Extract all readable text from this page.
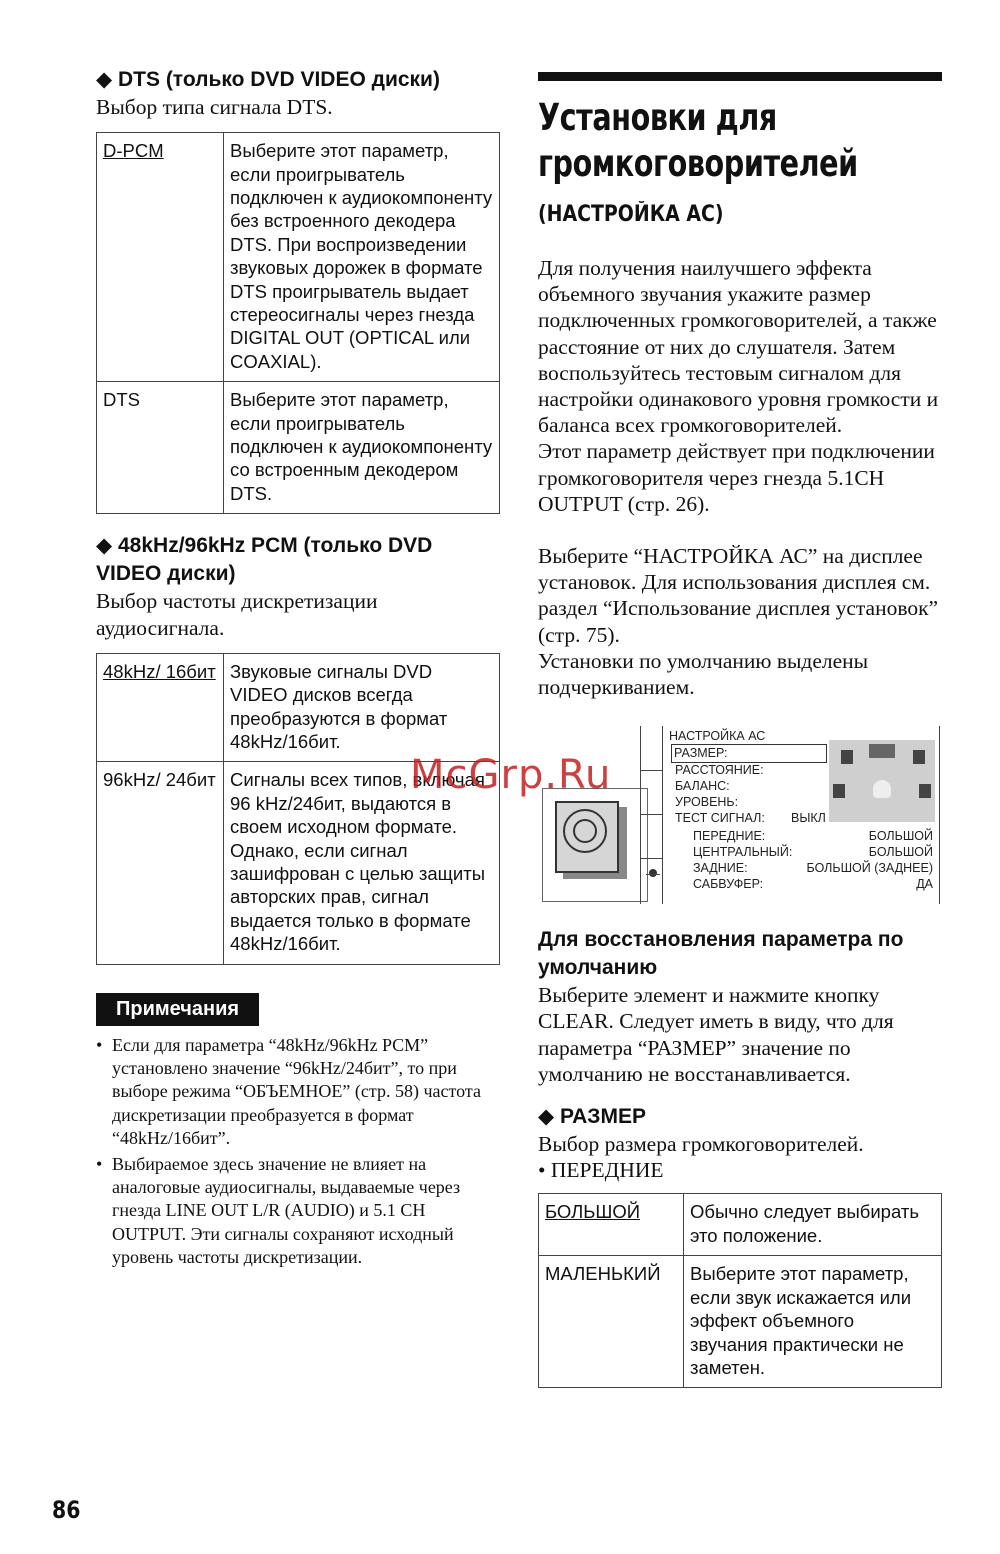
◆ DTS (только DVD VIDEO диски)
Выбор типа сигнала DTS.
D-PCM	Выберите этот параметр, если проигрыватель подключен к аудиокомпоненту без встроенного декодера DTS. При воспроизведении звуковых дорожек в формате DTS проигрыватель выдает стереосигналы через гнезда DIGITAL OUT (OPTICAL или COAXIAL).
DTS	Выберите этот параметр, если проигрыватель подключен к аудиокомпоненту со встроенным декодером DTS.
◆ 48kHz/96kHz PCM (только DVD VIDEO диски)
Выбор частоты дискретизации аудиосигнала.
48kHz/ 16бит	Звуковые сигналы DVD VIDEO дисков всегда преобразуются в формат 48kHz/16бит.
96kHz/ 24бит	Сигналы всех типов, включая 96 kHz/24бит, выдаются в своем исходном формате. Однако, если сигнал зашифрован с целью защиты авторских прав, сигнал выдается только в формате 48kHz/16бит.
Примечания
• Если для параметра “48kHz/96kHz PCM” установлено значение “96kHz/24бит”, то при выборе режима “ОБЪЕМНОЕ” (стр. 58) частота дискретизации преобразуется в формат “48kHz/16бит”.
• Выбираемое здесь значение не влияет на аналоговые аудиосигналы, выдаваемые через гнезда LINE OUT L/R (AUDIO) и 5.1 CH OUTPUT. Эти сигналы сохраняют исходный уровень частоты дискретизации.
Установки для
громкоговорителей
(НАСТРОЙКА АС)
Для получения наилучшего эффекта объемного звучания укажите размер подключенных громкоговорителей, а также расстояние от них до слушателя. Затем воспользуйтесь тестовым сигналом для настройки одинакового уровня громкости и баланса всех громкоговорителей.
Этот параметр действует при подключении громкоговорителя через гнезда 5.1CH OUTPUT (стр. 26).
Выберите “НАСТРОЙКА АС” на дисплее установок. Для использования дисплея см. раздел “Использование дисплея установок” (стр. 75).
Установки по умолчанию выделены подчеркиванием.
НАСТРОЙКА АС
РАЗМЕР:
РАССТОЯНИЕ:
БАЛАНС:
УРОВЕНЬ:
ТЕСТ СИГНАЛ: ВЫКЛ
ПЕРЕДНИЕ:	БОЛЬШОЙ
ЦЕНТРАЛЬНЫЙ:	БОЛЬШОЙ
ЗАДНИЕ:	БОЛЬШОЙ (ЗАДНЕЕ)
САБВУФЕР:	ДА
Для восстановления параметра по умолчанию
Выберите элемент и нажмите кнопку CLEAR. Следует иметь в виду, что для параметра “РАЗМЕР” значение по умолчанию не восстанавливается.
◆ РАЗМЕР
Выбор размера громкоговорителей.
• ПЕРЕДНИЕ
БОЛЬШОЙ	Обычно следует выбирать это положение.
МАЛЕНЬКИЙ	Выберите этот параметр, если звук искажается или эффект объемного звучания практически не заметен.
McGrp.Ru
86
